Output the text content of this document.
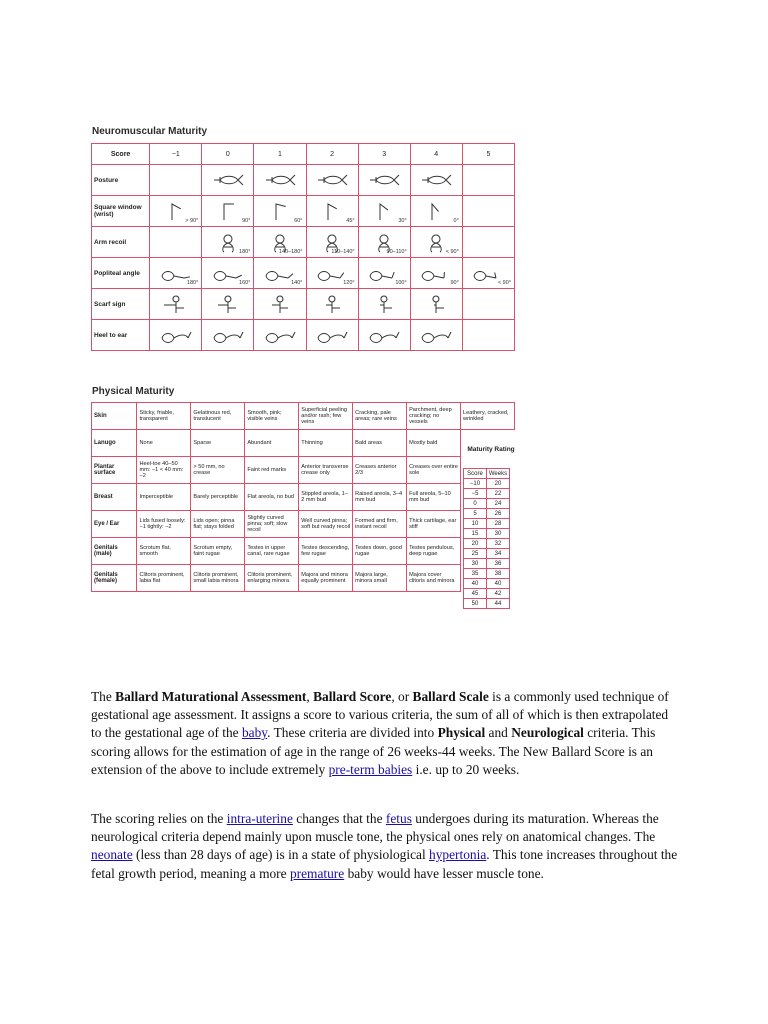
Neuromuscular Maturity
Score	−1	0	1	2	3	4	5
Posture	

Square window (wrist)	> 90°	90°	60°	45°	30°	0°	

Arm recoil		180°	140–180°	110–140°	90–110°	< 90°	

Popliteal angle	180°	160°	140°	120°	100°	90°	< 90°

Scarf sign	

Heel to ear	

Physical Maturity
Skin	Sticky, friable, transparent	Gelatinous red, translucent	Smooth, pink; visible veins	Superficial peeling and/or rash; few veins	Cracking, pale areas; rare veins	Parchment, deep cracking; no vessels	Leathery, cracked, wrinkled
Lanugo	None	Sparse	Abundant	Thinning	Bald areas	Mostly bald	
Plantar surface	Heel-toe 40–50 mm: −1 < 40 mm: −2	> 50 mm, no crease	Faint red marks	Anterior transverse crease only	Creases anterior 2/3	Creases over entire sole	
Breast	Imperceptible	Barely perceptible	Flat areola, no bud	Stippled areola, 1–2 mm bud	Raised areola, 3–4 mm bud	Full areola, 5–10 mm bud	
Eye / Ear	Lids fused loosely: −1 tightly: −2	Lids open; pinna flat; stays folded	Slightly curved pinna; soft; slow recoil	Well curved pinna; soft but ready recoil	Formed and firm, instant recoil	Thick cartilage, ear stiff	
Genitals (male)	Scrotum flat, smooth	Scrotum empty, faint rugae	Testes in upper canal, rare rugae	Testes descending, few rugae	Testes down, good rugae	Testes pendulous, deep rugae	
Genitals (female)	Clitoris prominent, labia flat	Clitoris prominent, small labia minora	Clitoris prominent, enlarging minora	Majora and minora equally prominent	Majora large, minora small	Majora cover clitoris and minora	
Maturity Rating
Score	Weeks
−10	20
−5	22
0	24
5	26
10	28
15	30
20	32
25	34
30	36
35	38
40	40
45	42
50	44
The Ballard Maturational Assessment, Ballard Score, or Ballard Scale is a commonly used technique of gestational age assessment. It assigns a score to various criteria, the sum of all of which is then extrapolated to the gestational age of the baby. These criteria are divided into Physical and Neurological criteria. This scoring allows for the estimation of age in the range of 26 weeks-44 weeks. The New Ballard Score is an extension of the above to include extremely pre-term babies i.e. up to 20 weeks.
The scoring relies on the intra-uterine changes that the fetus undergoes during its maturation. Whereas the neurological criteria depend mainly upon muscle tone, the physical ones rely on anatomical changes. The neonate (less than 28 days of age) is in a state of physiological hypertonia. This tone increases throughout the fetal growth period, meaning a more premature baby would have lesser muscle tone.
